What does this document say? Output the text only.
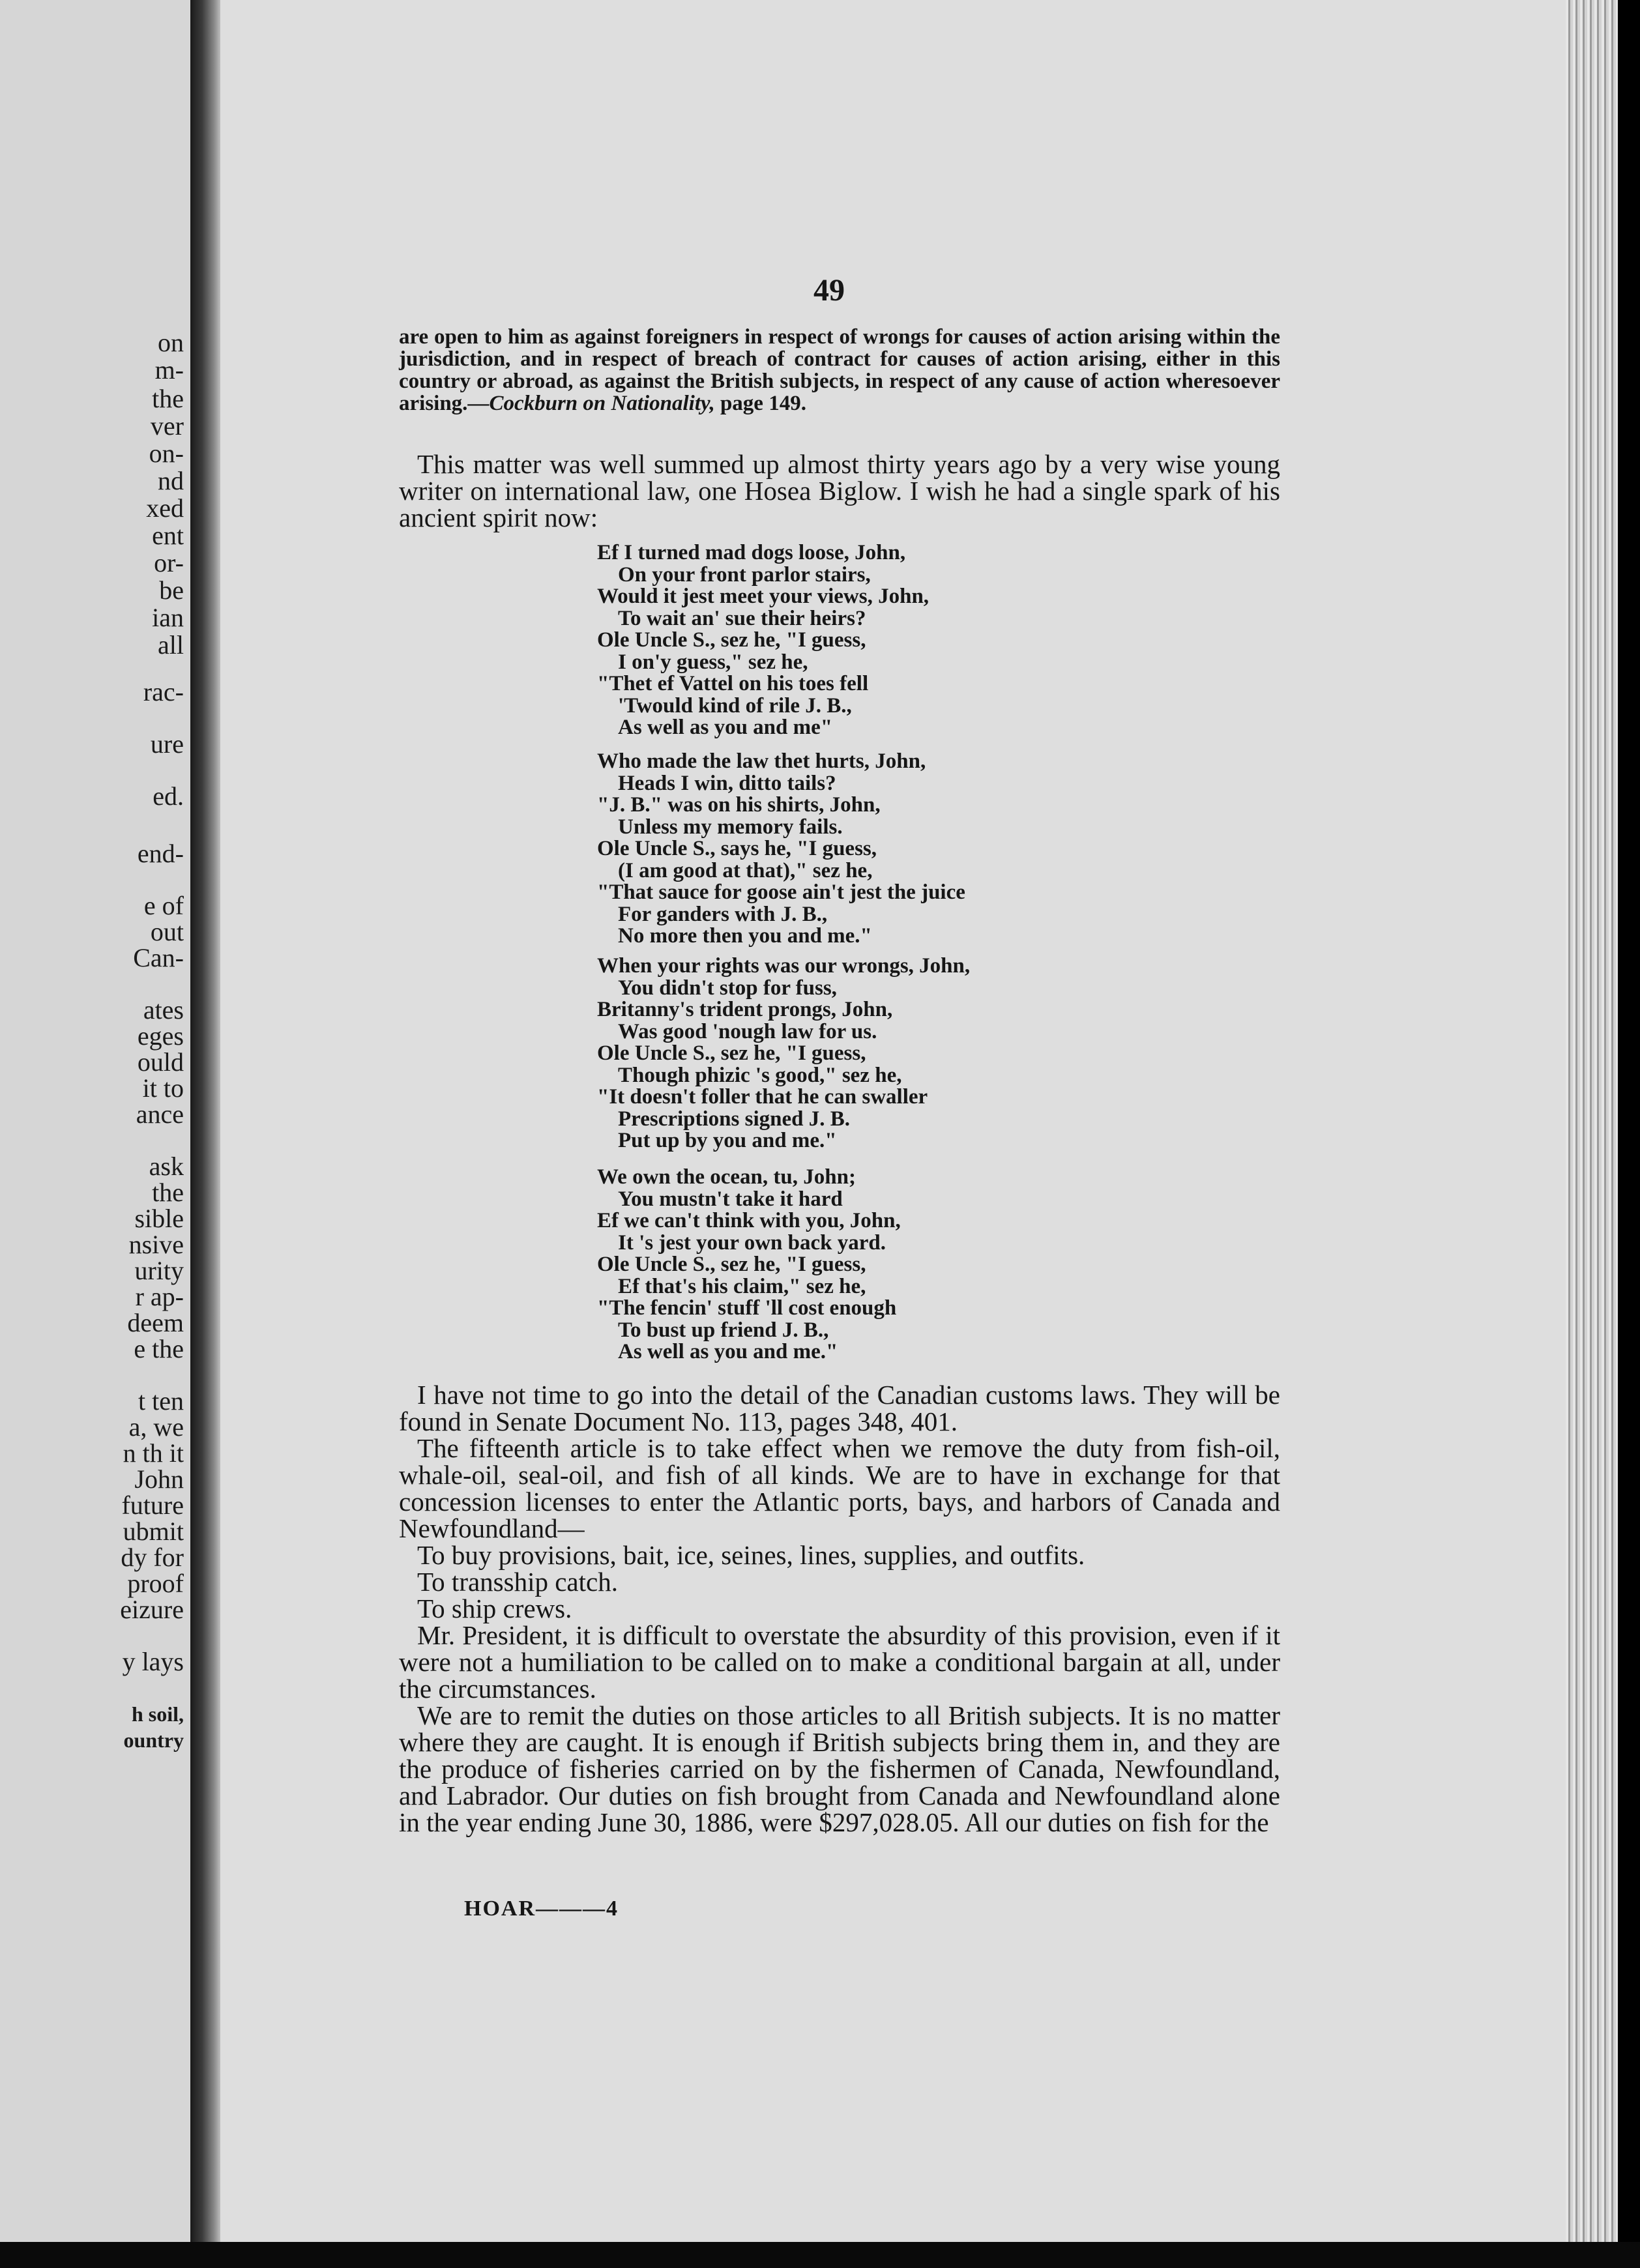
on
m-
the
ver
on-
nd
xed
ent
or-
be
ian
all
rac-
ure
ed.
end-
e of
out
Can-
ates
eges
ould
it to
ance
ask
the
sible
nsive
urity
r ap-
deem
e the
t ten
a, we
n th it
John
future
ubmit
dy for
proof
eizure
y lays
h soil,
ountry
49

are open to him as against foreigners in respect of wrongs for causes of action arising within the jurisdiction, and in respect of breach of contract for causes of action arising, either in this country or abroad, as against the British subjects, in respect of any cause of action wheresoever arising.—Cockburn on Nationality, page 149.

This matter was well summed up almost thirty years ago by a very wise young writer on international law, one Hosea Biglow. I wish he had a single spark of his ancient spirit now:

Ef I turned mad dogs loose, John,
On your front parlor stairs,
Would it jest meet your views, John,
To wait an' sue their heirs?
Ole Uncle S., sez he, "I guess,
I on'y guess," sez he,
"Thet ef Vattel on his toes fell
'Twould kind of rile J. B.,
As well as you and me"
Who made the law thet hurts, John,
Heads I win, ditto tails?
"J. B." was on his shirts, John,
Unless my memory fails.
Ole Uncle S., says he, "I guess,
(I am good at that)," sez he,
"That sauce for goose ain't jest the juice
For ganders with J. B.,
No more then you and me."
When your rights was our wrongs, John,
You didn't stop for fuss,
Britanny's trident prongs, John,
Was good 'nough law for us.
Ole Uncle S., sez he, "I guess,
Though phizic 's good," sez he,
"It doesn't foller that he can swaller
Prescriptions signed J. B.
Put up by you and me."
We own the ocean, tu, John;
You mustn't take it hard
Ef we can't think with you, John,
It 's jest your own back yard.
Ole Uncle S., sez he, "I guess,
Ef that's his claim," sez he,
"The fencin' stuff 'll cost enough
To bust up friend J. B.,
As well as you and me."

I have not time to go into the detail of the Canadian customs laws. They will be found in Senate Document No. 113, pages 348, 401.

The fifteenth article is to take effect when we remove the duty from fish-oil, whale-oil, seal-oil, and fish of all kinds. We are to have in exchange for that concession licenses to enter the Atlantic ports, bays, and harbors of Canada and Newfoundland—

To buy provisions, bait, ice, seines, lines, supplies, and outfits.

To transship catch.

To ship crews.

Mr. President, it is difficult to overstate the absurdity of this provision, even if it were not a humiliation to be called on to make a conditional bargain at all, under the circumstances.

We are to remit the duties on those articles to all British subjects. It is no matter where they are caught. It is enough if British subjects bring them in, and they are the produce of fisheries carried on by the fishermen of Canada, Newfoundland, and Labrador. Our duties on fish brought from Canada and Newfoundland alone in the year ending June 30, 1886, were $297,028.05. All our duties on fish for the

HOAR———4
